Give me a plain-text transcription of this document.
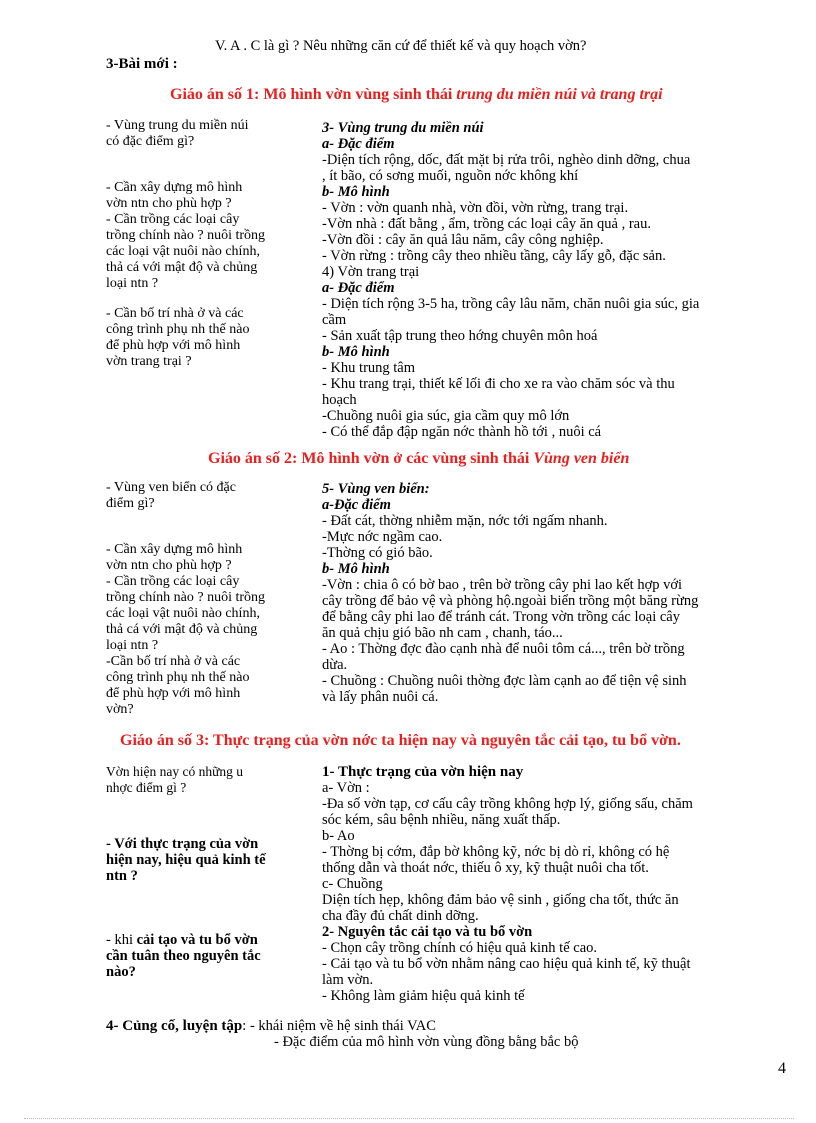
V. A . C là gì ? Nêu những căn cứ để thiết kế và quy hoạch vờn?
3-Bài mới :
Giáo án số 1: Mô hình vờn vùng sinh thái trung du miền núi và trang trại
- Vùng trung du miền núi
có đặc điểm gì?
- Cần xây dựng mô hình
vờn ntn cho phù hợp ?
- Cần trồng các loại cây
trồng chính nào ? nuôi trồng
các loại vật nuôi nào chính,
thả cá với mật độ và chủng
loại ntn ?
- Cần bố trí nhà ở và các
công trình phụ nh thế nào
để phù hợp với mô hình
vờn trang trại ?
3- Vùng trung du miền núi
a- Đặc điểm
-Diện tích rộng, dốc, đất mặt bị rửa trôi, nghèo dinh dỡng, chua
, ít bão, có sơng muối, nguồn nớc không khí
b- Mô hình
- Vờn : vờn quanh nhà, vờn đồi, vờn rừng, trang trại.
-Vờn nhà : đất bằng , ẩm, trồng các loại cây ăn quả , rau.
-Vờn đồi : cây ăn quả lâu năm, cây công nghiệp.
- Vờn rừng : trồng cây theo nhiều tầng, cây lấy gỗ, đặc sản.
4) Vờn trang trại
a- Đặc điểm
- Diện tích rộng 3-5 ha, trồng cây lâu năm, chăn nuôi gia súc, gia
cầm
- Sản xuất tập trung theo hớng chuyên môn hoá
b- Mô hình
- Khu trung tâm
- Khu trang trại, thiết kế lối đi cho xe ra vào chăm sóc và thu
hoạch
-Chuồng nuôi gia súc, gia cầm quy mô lớn
- Có thể đắp đập ngăn nớc thành hồ tới , nuôi cá
Giáo án số 2: Mô hình vờn ở các vùng sinh thái Vùng ven biển
- Vùng ven biển có đặc
điểm gì?
- Cần xây dựng mô hình
vờn ntn cho phù hợp ?
- Cần trồng các loại cây
trồng chính nào ? nuôi trồng
các loại vật nuôi nào chính,
thả cá với mật độ và chủng
loại ntn ?
-Cần bố trí nhà ở và các
công trình phụ nh thế nào
để phù hợp với mô hình
vờn?
5- Vùng ven biển:
a-Đặc điểm
- Đất cát, thờng nhiễm mặn, nớc tới ngấm nhanh.
-Mực nớc ngầm cao.
-Thờng có gió bão.
b- Mô hình
-Vờn : chia ô có bờ bao , trên bờ trồng cây phi lao kết hợp với
cây trồng để bảo vệ và phòng hộ.ngoài biển trồng một băng rừng
để bằng cây phi lao để tránh cát. Trong vờn trồng các loại cây
ăn quả chịu gió bão nh cam , chanh, táo...
- Ao : Thờng đợc đào cạnh nhà để nuôi tôm cá..., trên bờ trồng
dừa.
- Chuồng : Chuồng nuôi thờng đợc làm cạnh ao để tiện vệ sinh
và lấy phân nuôi cá.
Giáo án số 3: Thực trạng của vờn nớc ta hiện nay và nguyên tắc cải tạo, tu bổ vờn.
Vờn hiện nay có những u
nhợc điểm gì ?
- Với thực trạng của vờn
hiện nay, hiệu quả kinh tế
ntn ?
- khi cải tạo và tu bổ vờn
cần tuân theo nguyên tắc
nào?
1- Thực trạng của vờn hiện nay
a- Vờn :
-Đa số vờn tạp, cơ cấu cây trồng không hợp lý, giống sấu, chăm
sóc kém, sâu bệnh nhiều, năng xuất thấp.
b- Ao
- Thờng bị cớm, đắp bờ không kỹ, nớc bị dò rỉ, không có hệ
thống dẫn và thoát nớc, thiếu ô xy, kỹ thuật nuôi cha tốt.
c- Chuồng
Diện tích hẹp, không đảm bảo vệ sinh , giống cha tốt, thức ăn
cha đầy đủ chất dinh dỡng.
2- Nguyên tắc cải tạo và tu bổ vờn
- Chọn cây trồng chính có hiệu quả kinh tế cao.
- Cải tạo và tu bổ vờn nhằm nâng cao hiệu quả kinh tế, kỹ thuật
làm vờn.
- Không làm giảm hiệu quả kinh tế
4- Củng cố, luyện tập: - khái niệm về hệ sinh thái VAC
- Đặc điểm của mô hình vờn vùng đồng bằng bắc bộ
4
